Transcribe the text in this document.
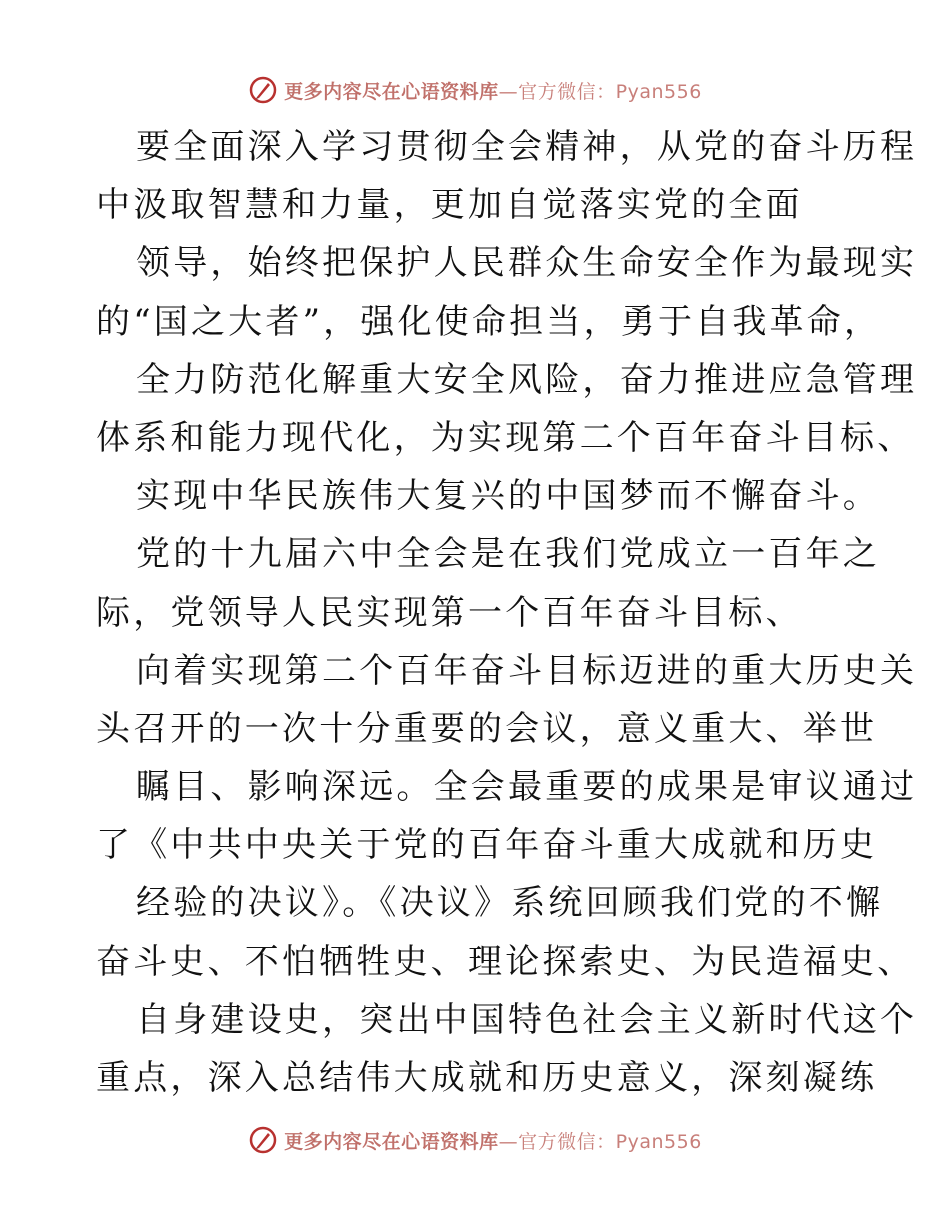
更多内容尽在心语资料库—官方微信：Pyan556
要全面深入学习贯彻全会精神，从党的奋斗历程
中汲取智慧和力量，更加自觉落实党的全面
领导，始终把保护人民群众生命安全作为最现实
的“国之大者”，强化使命担当，勇于自我革命，
全力防范化解重大安全风险，奋力推进应急管理
体系和能力现代化，为实现第二个百年奋斗目标、
实现中华民族伟大复兴的中国梦而不懈奋斗。
党的十九届六中全会是在我们党成立一百年之
际，党领导人民实现第一个百年奋斗目标、
向着实现第二个百年奋斗目标迈进的重大历史关
头召开的一次十分重要的会议，意义重大、举世
瞩目、影响深远。全会最重要的成果是审议通过
了《中共中央关于党的百年奋斗重大成就和历史
经验的决议》。《决议》系统回顾我们党的不懈
奋斗史、不怕牺牲史、理论探索史、为民造福史、
自身建设史，突出中国特色社会主义新时代这个
重点，深入总结伟大成就和历史意义，深刻凝练
更多内容尽在心语资料库—官方微信：Pyan556
